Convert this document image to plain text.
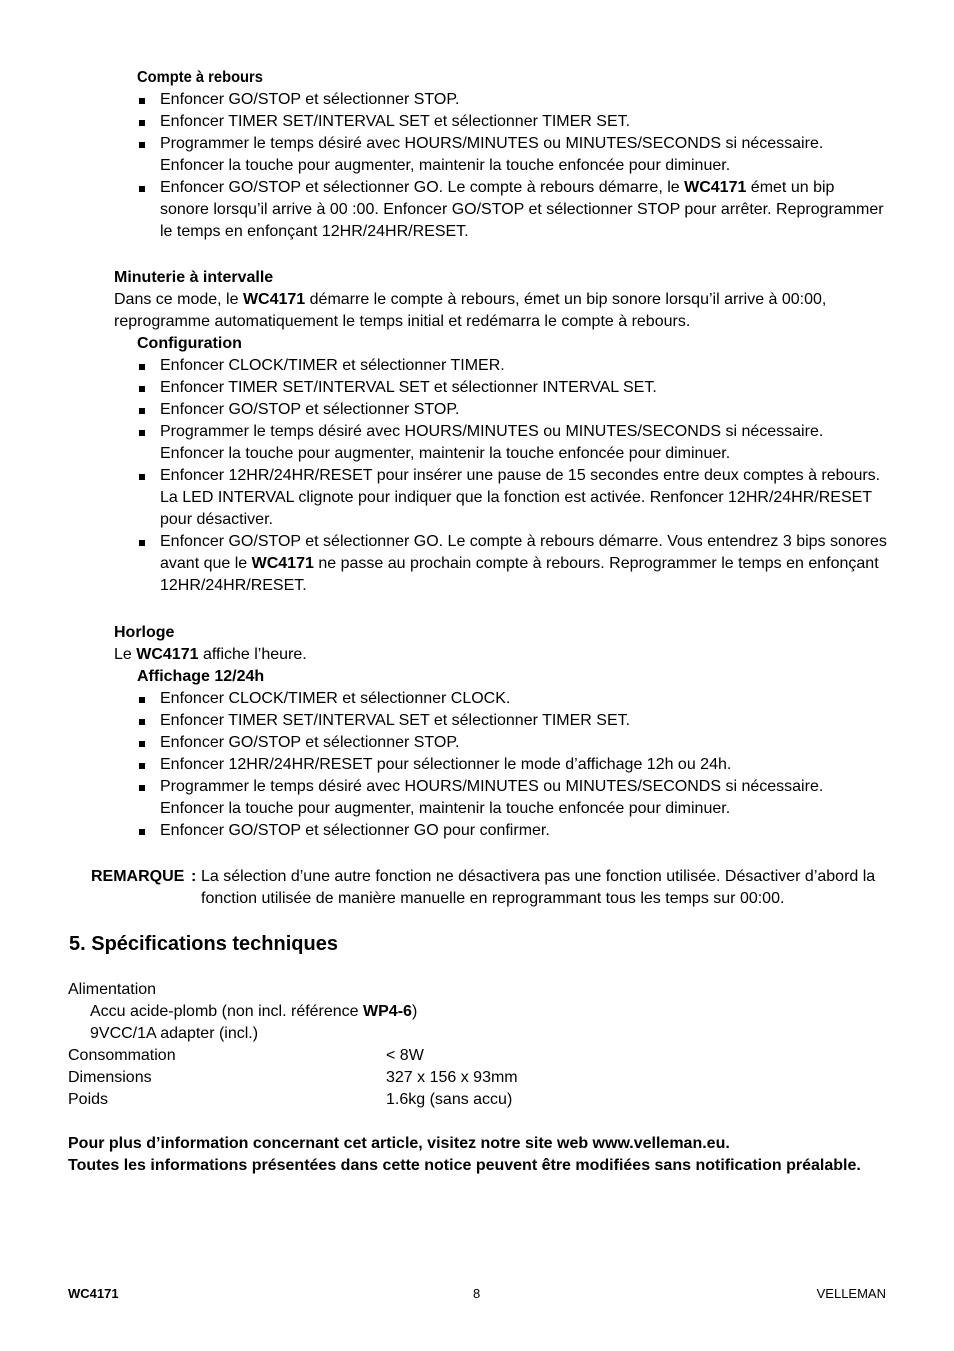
Compte à rebours
Enfoncer GO/STOP et sélectionner STOP.
Enfoncer TIMER SET/INTERVAL SET et sélectionner TIMER SET.
Programmer le temps désiré avec HOURS/MINUTES ou MINUTES/SECONDS si nécessaire. Enfoncer la touche pour augmenter, maintenir la touche enfoncée pour diminuer.
Enfoncer GO/STOP et sélectionner GO. Le compte à rebours démarre, le WC4171 émet un bip sonore lorsqu’il arrive à 00 :00. Enfoncer GO/STOP et sélectionner STOP pour arrêter. Reprogrammer le temps en enfonçant 12HR/24HR/RESET.
Minuterie à intervalle
Dans ce mode, le WC4171 démarre le compte à rebours, émet un bip sonore lorsqu’il arrive à 00:00, reprogramme automatiquement le temps initial et redémarra le compte à rebours.
Configuration
Enfoncer CLOCK/TIMER et sélectionner TIMER.
Enfoncer TIMER SET/INTERVAL SET et sélectionner INTERVAL SET.
Enfoncer GO/STOP et sélectionner STOP.
Programmer le temps désiré avec HOURS/MINUTES ou MINUTES/SECONDS si nécessaire. Enfoncer la touche pour augmenter, maintenir la touche enfoncée pour diminuer.
Enfoncer 12HR/24HR/RESET pour insérer une pause de 15 secondes entre deux comptes à rebours. La LED INTERVAL clignote pour indiquer que la fonction est activée. Renfoncer 12HR/24HR/RESET pour désactiver.
Enfoncer GO/STOP et sélectionner GO. Le compte à rebours démarre. Vous entendrez 3 bips sonores avant que le WC4171 ne passe au prochain compte à rebours. Reprogrammer le temps en enfonçant 12HR/24HR/RESET.
Horloge
Le WC4171 affiche l’heure.
Affichage 12/24h
Enfoncer CLOCK/TIMER et sélectionner CLOCK.
Enfoncer TIMER SET/INTERVAL SET et sélectionner TIMER SET.
Enfoncer GO/STOP et sélectionner STOP.
Enfoncer 12HR/24HR/RESET pour sélectionner le mode d’affichage 12h ou 24h.
Programmer le temps désiré avec HOURS/MINUTES ou MINUTES/SECONDS si nécessaire. Enfoncer la touche pour augmenter, maintenir la touche enfoncée pour diminuer.
Enfoncer GO/STOP et sélectionner GO pour confirmer.
REMARQUE : La sélection d’une autre fonction ne désactivera pas une fonction utilisée. Désactiver d’abord la fonction utilisée de manière manuelle en reprogrammant tous les temps sur 00:00.
5. Spécifications techniques
Alimentation
Accu acide-plomb (non incl. référence WP4-6)
9VCC/1A adapter (incl.)
Consommation	< 8W
Dimensions	327 x 156 x 93mm
Poids	1.6kg (sans accu)
Pour plus d’information concernant cet article, visitez notre site web www.velleman.eu.
Toutes les informations présentées dans cette notice peuvent être modifiées sans notification préalable.
WC4171	8	VELLEMAN
